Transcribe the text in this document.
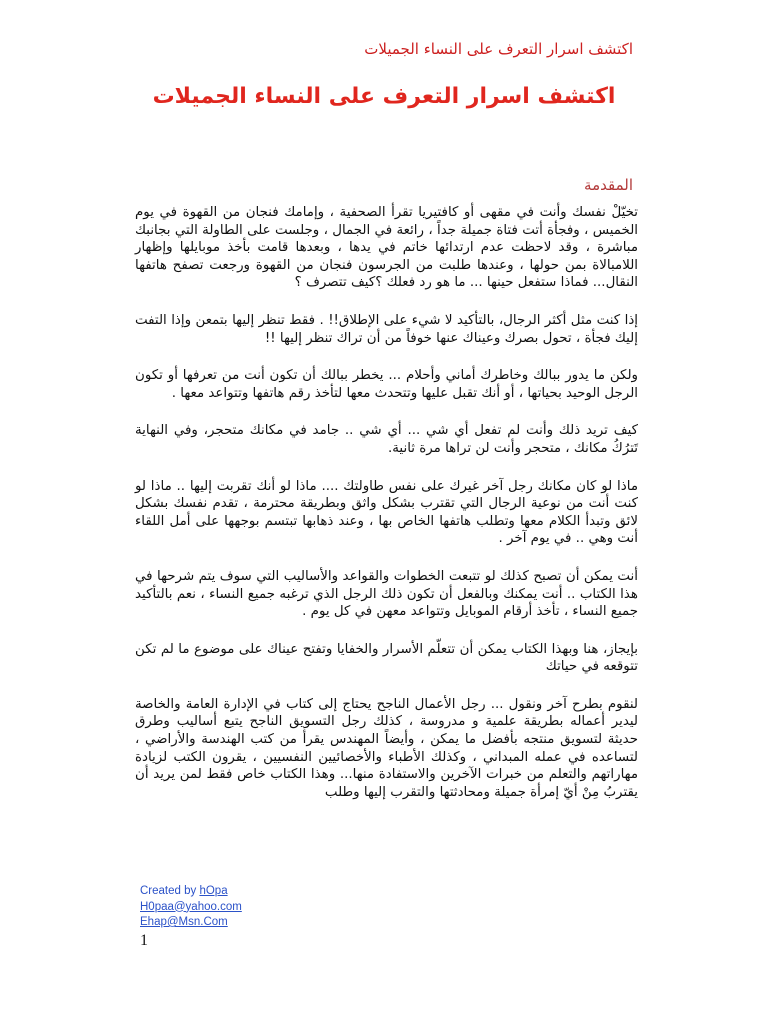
اكتشف اسرار التعرف على النساء الجميلات
اكتشف اسرار التعرف على النساء الجميلات
المقدمة

تخيّلْ نفسك وأنت في مقهى أو كافتيريا تقرأ الصحفية ، وإمامك فنجان من القهوة في يوم الخميس ، وفجأة أتت فتاة جميلة جداً ، رائعة في الجمال ، وجلست على الطاولة التي بجانبك مباشرة ، وقد لاحظت عدم ارتدائها خاتم في يدها ، وبعدها قامت بأخذ موبايلها وإظهار اللامبالاة بمن حولها ، وعندها طلبت من الجرسون فنجان من القهوة ورجعت تصفح هاتفها النقال... فماذا ستفعل حينها ... ما هو رد فعلك ؟كيف تتصرف ؟

إذا كنت مثل أكثر الرجال، بالتأكيد لا شيء على الإطلاق!! . فقط تنظر إليها بتمعن وإذا التفت إليك فجأة ، تحول بصرك وعيناك عنها خوفاً من أن تراك تنظر إليها !!

ولكن ما يدور ببالك وخاطرك أماني وأحلام ... يخطر ببالك أن تكون أنت من تعرفها أو تكون الرجل الوحيد بحياتها ، أو أنك تقبل عليها وتتحدث معها لتأخذ رقم هاتفها وتتواعد معها .

كيف تريد ذلك وأنت لم تفعل أي شي ... أي شي .. جامد في مكانك متحجر، وفي النهاية تَترُكُ مكانك ، متحجر وأنت لن تراها مرة ثانية.

ماذا لو كان مكانك رجل آخر غيرك على نفس طاولتك .... ماذا لو أنك تقربت إليها .. ماذا لو كنت أنت من نوعية الرجال التي تقترب بشكل واثق وبطريقة محترمة ، تقدم نفسك بشكل لائق وتبدأ الكلام معها وتطلب هاتفها الخاص بها ، وعند ذهابها تبتسم بوجهها على أمل اللقاء أنت وهي .. في يوم آخر .

أنت يمكن أن تصبح كذلك لو تتبعت الخطوات والقواعد والأساليب التي سوف يتم شرحها في هذا الكتاب .. أنت يمكنك وبالفعل أن تكون ذلك الرجل الذي ترغبه جميع النساء ، نعم بالتأكيد جميع النساء ، تأخذ أرقام الموبايل وتتواعد معهن في كل يوم .

بإيجاز، هنا وبهذا الكتاب يمكن أن تتعلّم الأسرار والخفايا وتفتح عيناك على موضوع ما لم تكن تتوقعه في حياتك

لنقوم بطرح آخر ونقول ... رجل الأعمال الناجح يحتاج إلى كتاب في الإدارة العامة والخاصة ليدير أعماله بطريقة علمية و مدروسة ، كذلك رجل التسويق الناجح يتبع أساليب وطرق حديثة لتسويق منتجه بأفضل ما يمكن ، وأيضاً المهندس يقرأ من كتب الهندسة والأراضي ، لتساعده في عمله المبداني ، وكذلك الأطباء والأخصائيين النفسيين ، يقرون الكتب لزيادة مهاراتهم والتعلم من خبرات الآخرين والاستفادة منها... وهذا الكتاب خاص فقط لمن يريد أن يقتربُ مِنْ أيّ إمرأة جميلة ومحادثتها والتقرب إليها وطلب

Created by hOpa
H0paa@yahoo.com
Ehap@Msn.Com
1
